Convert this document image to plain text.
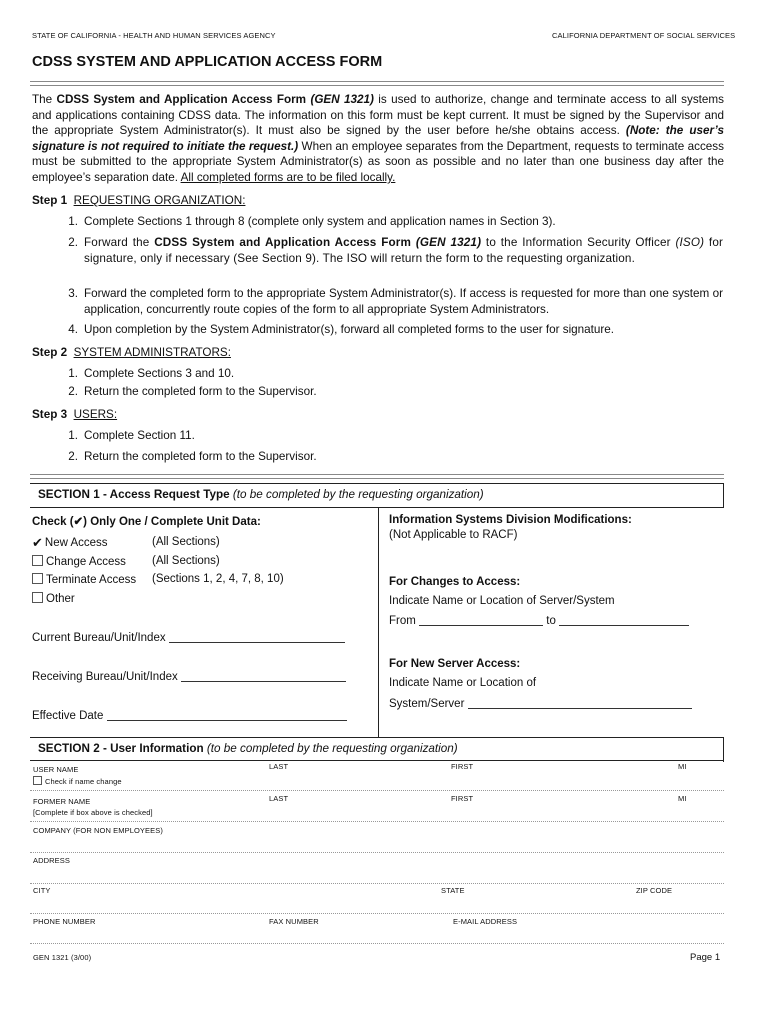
STATE OF CALIFORNIA - HEALTH AND HUMAN SERVICES AGENCY	CALIFORNIA DEPARTMENT OF SOCIAL SERVICES
CDSS SYSTEM AND APPLICATION ACCESS FORM
The CDSS System and Application Access Form (GEN 1321) is used to authorize, change and terminate access to all systems and applications containing CDSS data. The information on this form must be kept current. It must be signed by the Supervisor and the appropriate System Administrator(s). It must also be signed by the user before he/she obtains access. (Note: the user’s signature is not required to initiate the request.) When an employee separates from the Department, requests to terminate access must be submitted to the appropriate System Administrator(s) as soon as possible and no later than one business day after the employee’s separation date. All completed forms are to be filed locally.
Step 1 REQUESTING ORGANIZATION:
1. Complete Sections 1 through 8 (complete only system and application names in Section 3).
2. Forward the CDSS System and Application Access Form (GEN 1321) to the Information Security Officer (ISO) for signature, only if necessary (See Section 9). The ISO will return the form to the requesting organization.
3. Forward the completed form to the appropriate System Administrator(s). If access is requested for more than one system or application, concurrently route copies of the form to all appropriate System Administrators.
4. Upon completion by the System Administrator(s), forward all completed forms to the user for signature.
Step 2 SYSTEM ADMINISTRATORS:
1. Complete Sections 3 and 10.
2. Return the completed form to the Supervisor.
Step 3 USERS:
1. Complete Section 11.
2. Return the completed form to the Supervisor.
SECTION 1 - Access Request Type (to be completed by the requesting organization)
Check (✔) Only One / Complete Unit Data:
✔ New Access	(All Sections)
Change Access (All Sections)
Terminate Access (Sections 1, 2, 4, 7, 8, 10)
Other
Current Bureau/Unit/Index
Receiving Bureau/Unit/Index
Effective Date
Information Systems Division Modifications:
(Not Applicable to RACF)
For Changes to Access:
Indicate Name or Location of Server/System
From	to
For New Server Access:
Indicate Name or Location of
System/Server
SECTION 2 - User Information (to be completed by the requesting organization)
USER NAME
Check if name change
LAST	FIRST	MI
FORMER NAME
[Complete if box above is checked]
LAST	FIRST	MI
COMPANY (FOR NON EMPLOYEES)
ADDRESS
CITY	STATE	ZIP CODE
PHONE NUMBER	FAX NUMBER	E-MAIL ADDRESS
GEN 1321 (3/00)	Page 1
